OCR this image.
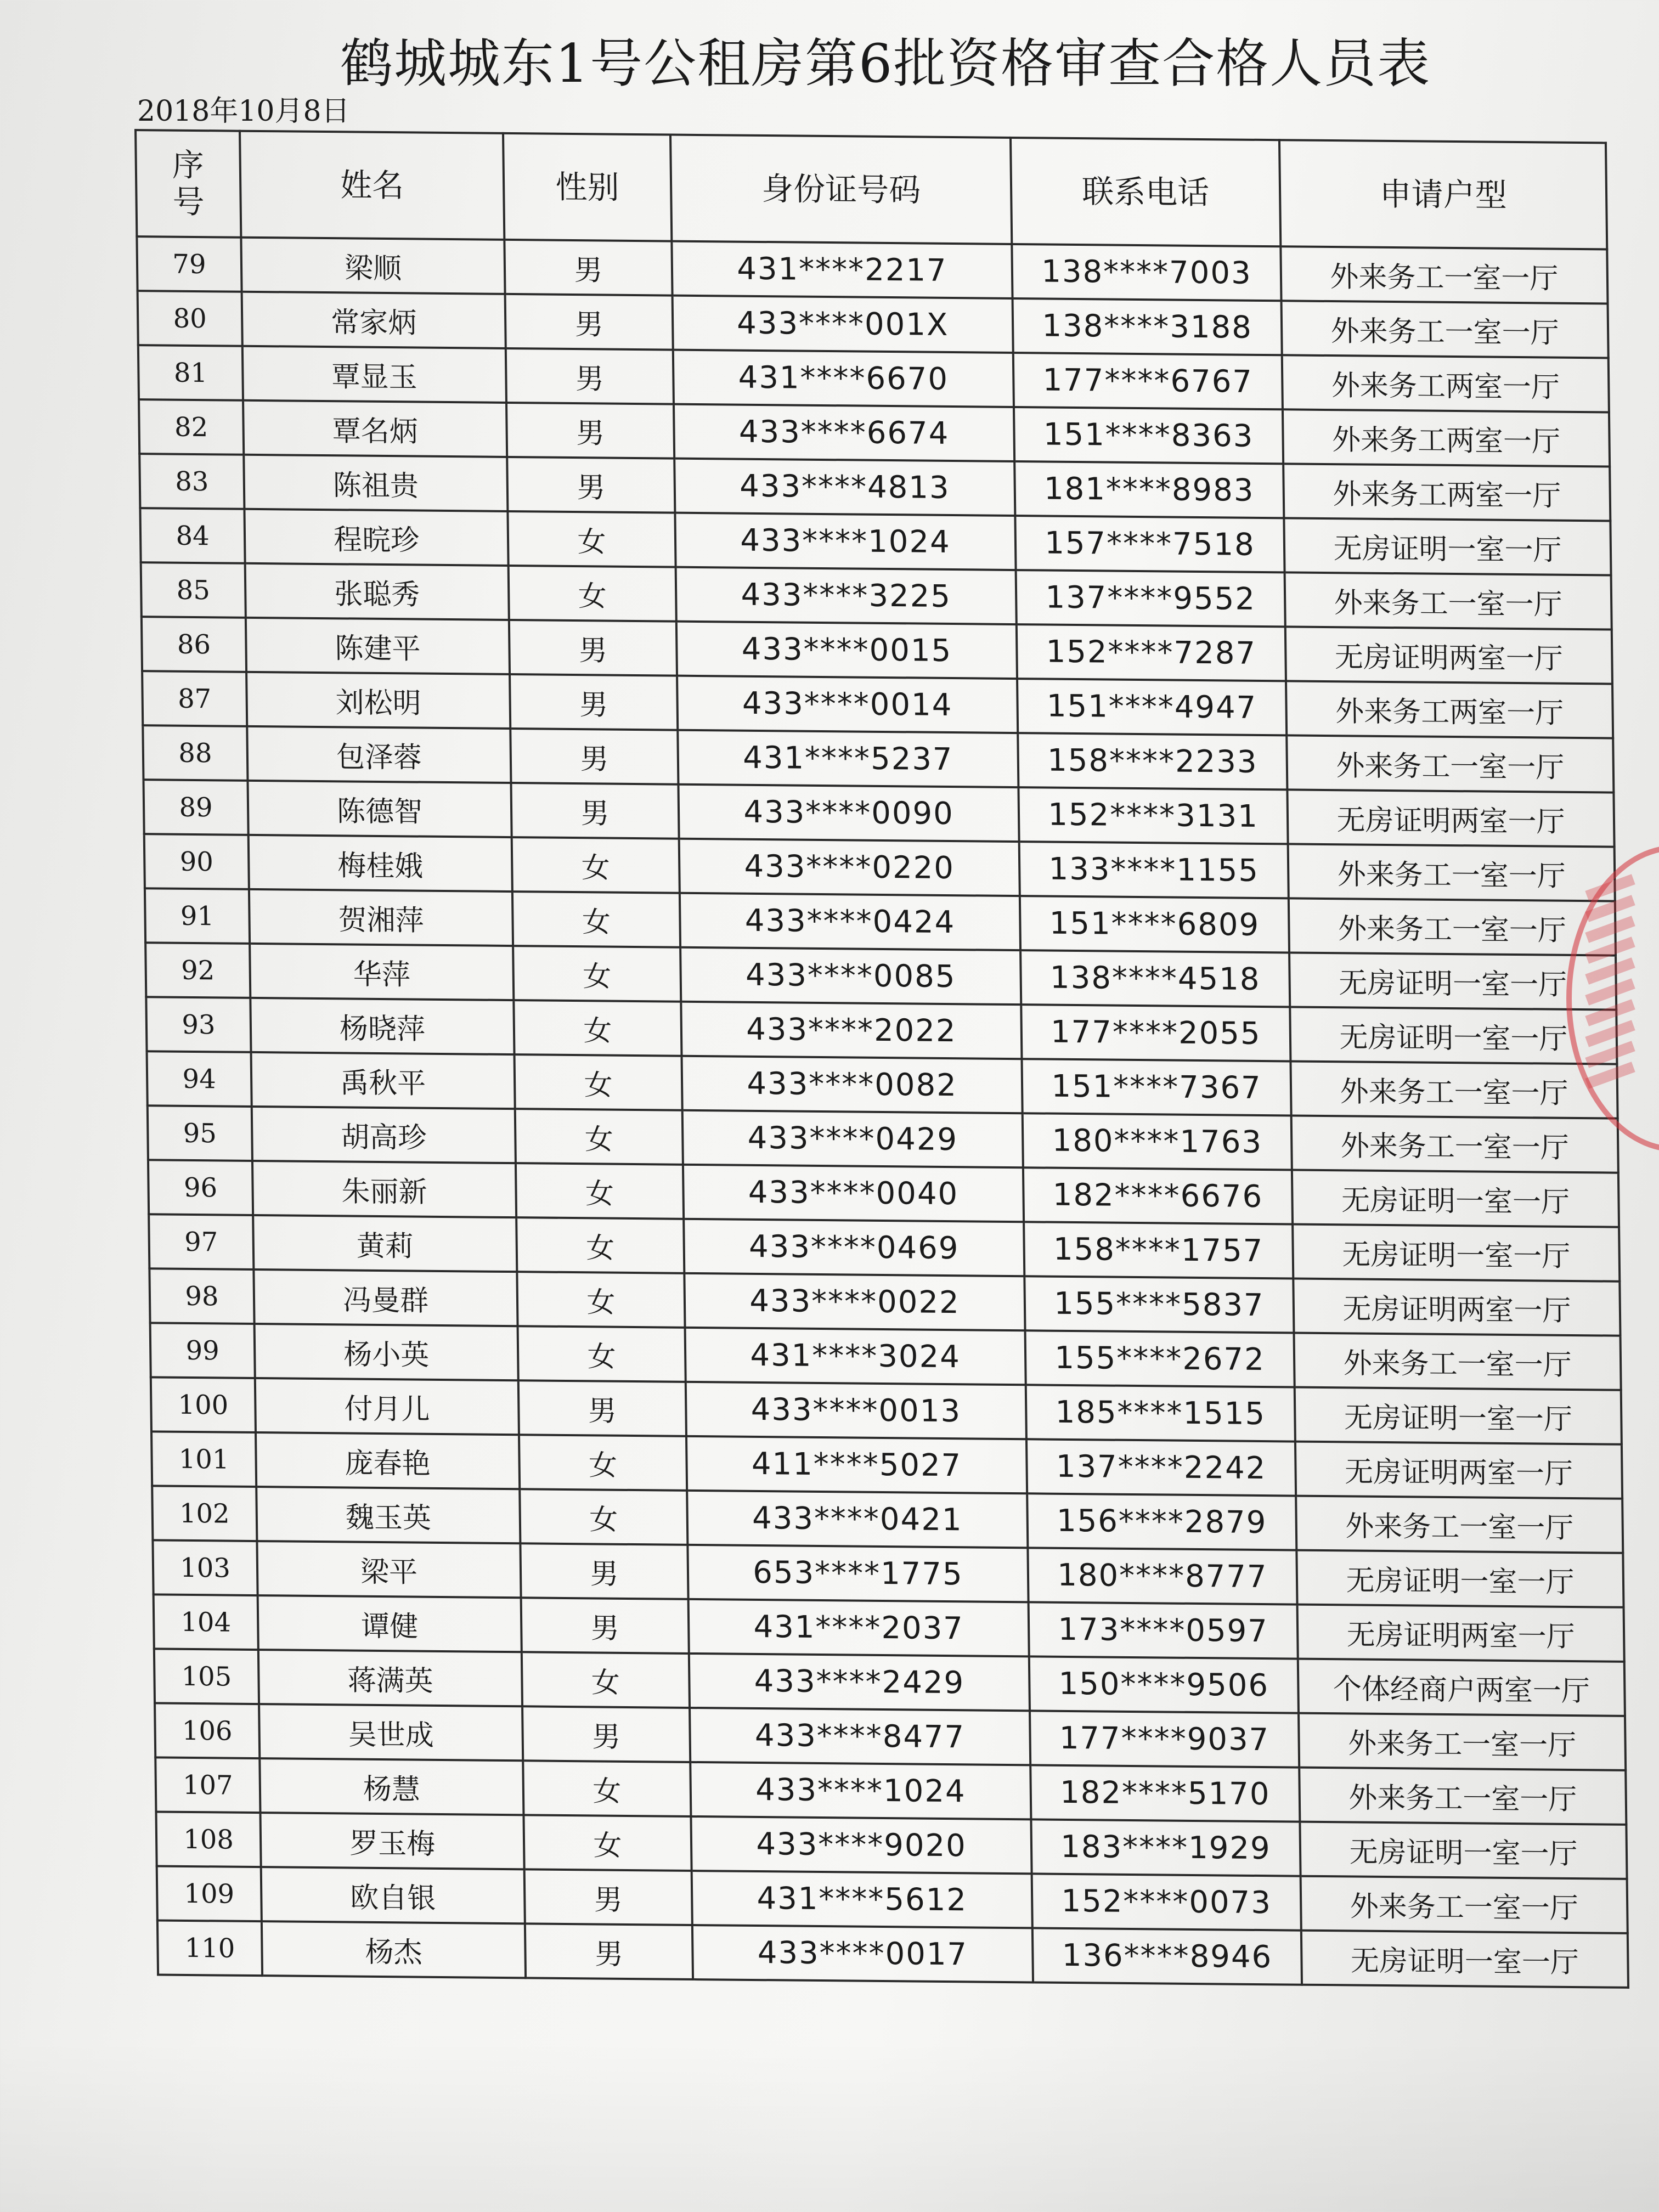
鹤城城东1号公租房第6批资格审查合格人员表
2018年10月8日
序号	姓名	性别	身份证号码	联系电话	申请户型
79	梁顺	男	431****2217	138****7003	外来务工一室一厅
80	常家炳	男	433****001X	138****3188	外来务工一室一厅
81	覃显玉	男	431****6670	177****6767	外来务工两室一厅
82	覃名炳	男	433****6674	151****8363	外来务工两室一厅
83	陈祖贵	男	433****4813	181****8983	外来务工两室一厅
84	程晥珍	女	433****1024	157****7518	无房证明一室一厅
85	张聪秀	女	433****3225	137****9552	外来务工一室一厅
86	陈建平	男	433****0015	152****7287	无房证明两室一厅
87	刘松明	男	433****0014	151****4947	外来务工两室一厅
88	包泽蓉	男	431****5237	158****2233	外来务工一室一厅
89	陈德智	男	433****0090	152****3131	无房证明两室一厅
90	梅桂娥	女	433****0220	133****1155	外来务工一室一厅
91	贺湘萍	女	433****0424	151****6809	外来务工一室一厅
92	华萍	女	433****0085	138****4518	无房证明一室一厅
93	杨晓萍	女	433****2022	177****2055	无房证明一室一厅
94	禹秋平	女	433****0082	151****7367	外来务工一室一厅
95	胡高珍	女	433****0429	180****1763	外来务工一室一厅
96	朱丽新	女	433****0040	182****6676	无房证明一室一厅
97	黄莉	女	433****0469	158****1757	无房证明一室一厅
98	冯曼群	女	433****0022	155****5837	无房证明两室一厅
99	杨小英	女	431****3024	155****2672	外来务工一室一厅
100	付月儿	男	433****0013	185****1515	无房证明一室一厅
101	庞春艳	女	411****5027	137****2242	无房证明两室一厅
102	魏玉英	女	433****0421	156****2879	外来务工一室一厅
103	梁平	男	653****1775	180****8777	无房证明一室一厅
104	谭健	男	431****2037	173****0597	无房证明两室一厅
105	蒋满英	女	433****2429	150****9506	个体经商户两室一厅
106	吴世成	男	433****8477	177****9037	外来务工一室一厅
107	杨慧	女	433****1024	182****5170	外来务工一室一厅
108	罗玉梅	女	433****9020	183****1929	无房证明一室一厅
109	欧自银	男	431****5612	152****0073	外来务工一室一厅
110	杨杰	男	433****0017	136****8946	无房证明一室一厅
